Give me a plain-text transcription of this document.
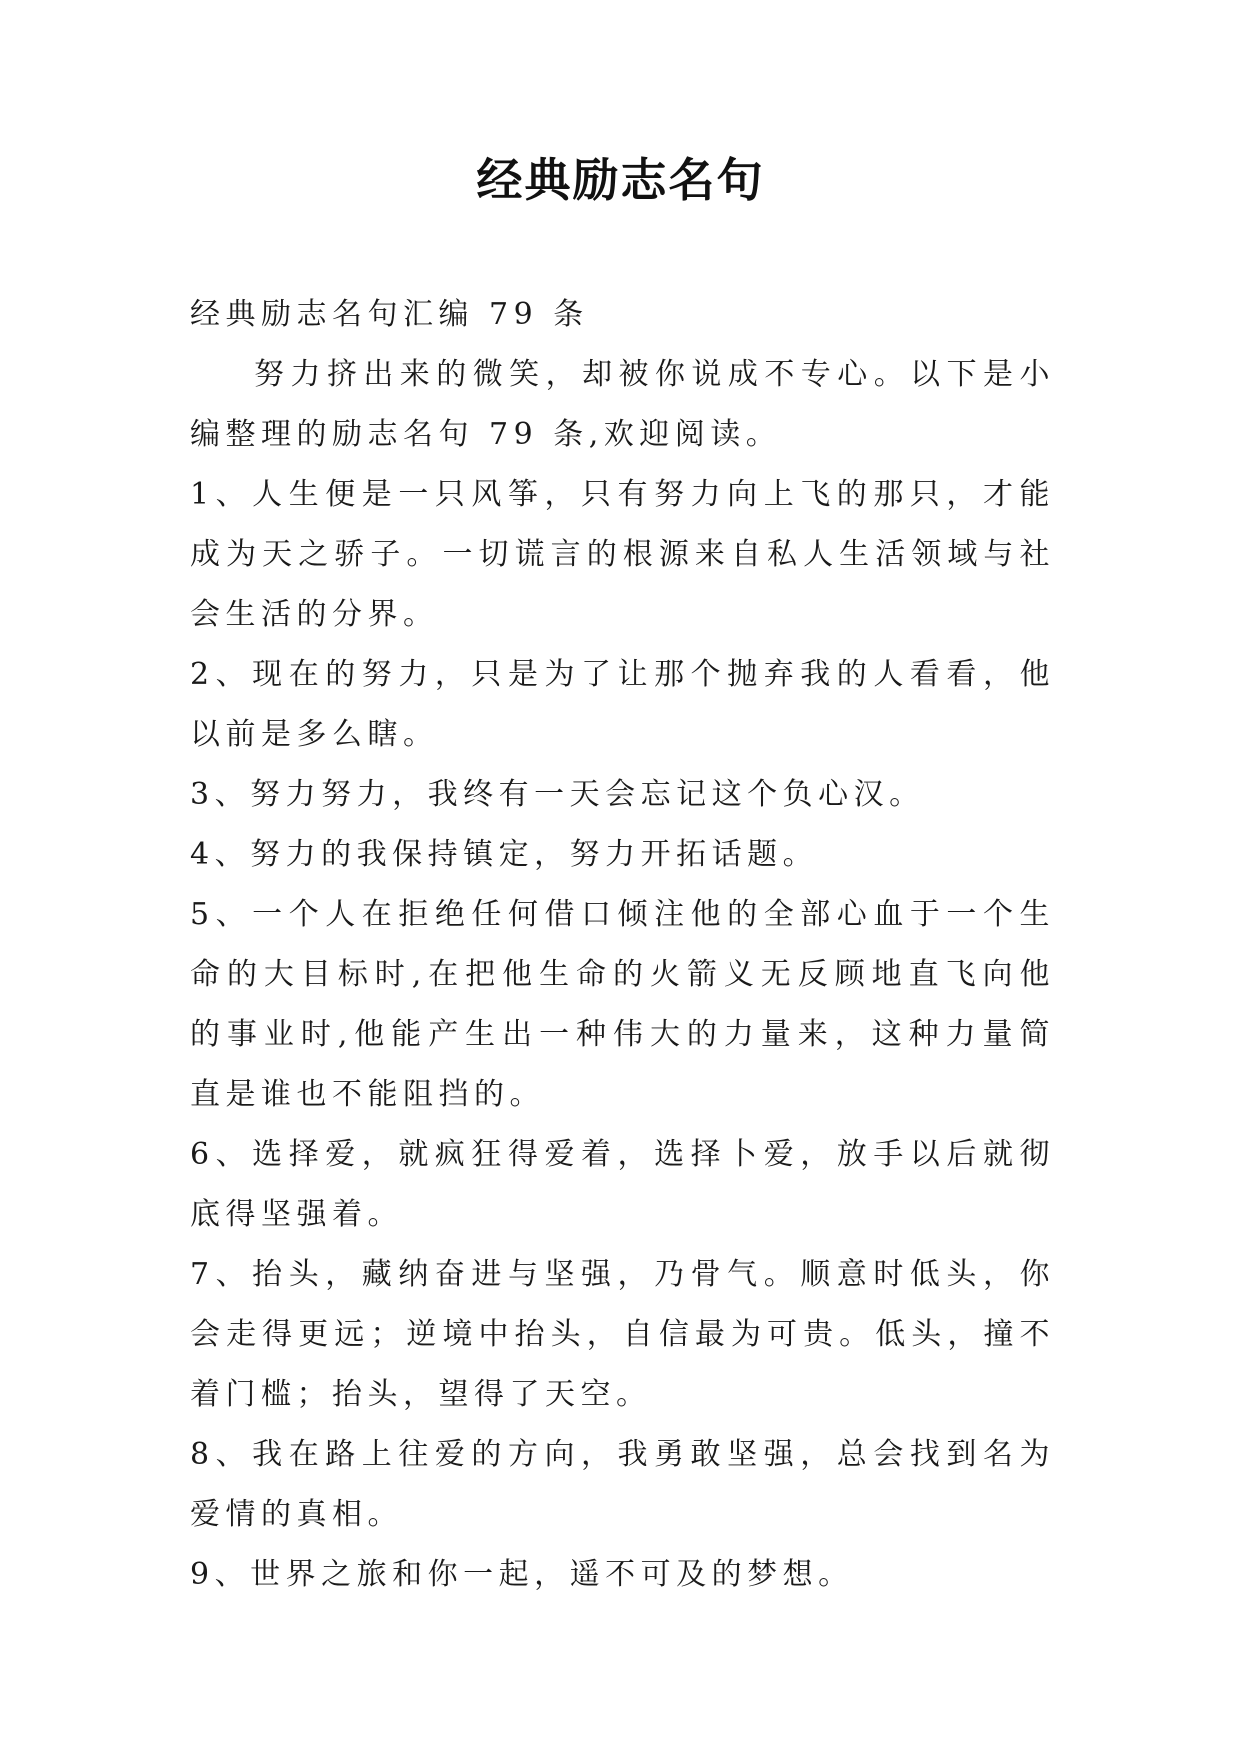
经典励志名句

经典励志名句汇编 79 条

努力挤出来的微笑，却被你说成不专心。以下是小编整理的励志名句 79 条,欢迎阅读。

1、人生便是一只风筝，只有努力向上飞的那只，才能成为天之骄子。一切谎言的根源来自私人生活领域与社会生活的分界。

2、现在的努力，只是为了让那个抛弃我的人看看，他以前是多么瞎。

3、努力努力，我终有一天会忘记这个负心汉。

4、努力的我保持镇定，努力开拓话题。

5、一个人在拒绝任何借口倾注他的全部心血于一个生命的大目标时,在把他生命的火箭义无反顾地直飞向他的事业时,他能产生出一种伟大的力量来，这种力量简直是谁也不能阻挡的。

6、选择爱，就疯狂得爱着，选择卜爱，放手以后就彻底得坚强着。

7、抬头，藏纳奋进与坚强，乃骨气。顺意时低头，你会走得更远；逆境中抬头，自信最为可贵。低头，撞不着门槛；抬头，望得了天空。

8、我在路上往爱的方向，我勇敢坚强，总会找到名为爱情的真相。

9、世界之旅和你一起，遥不可及的梦想。
